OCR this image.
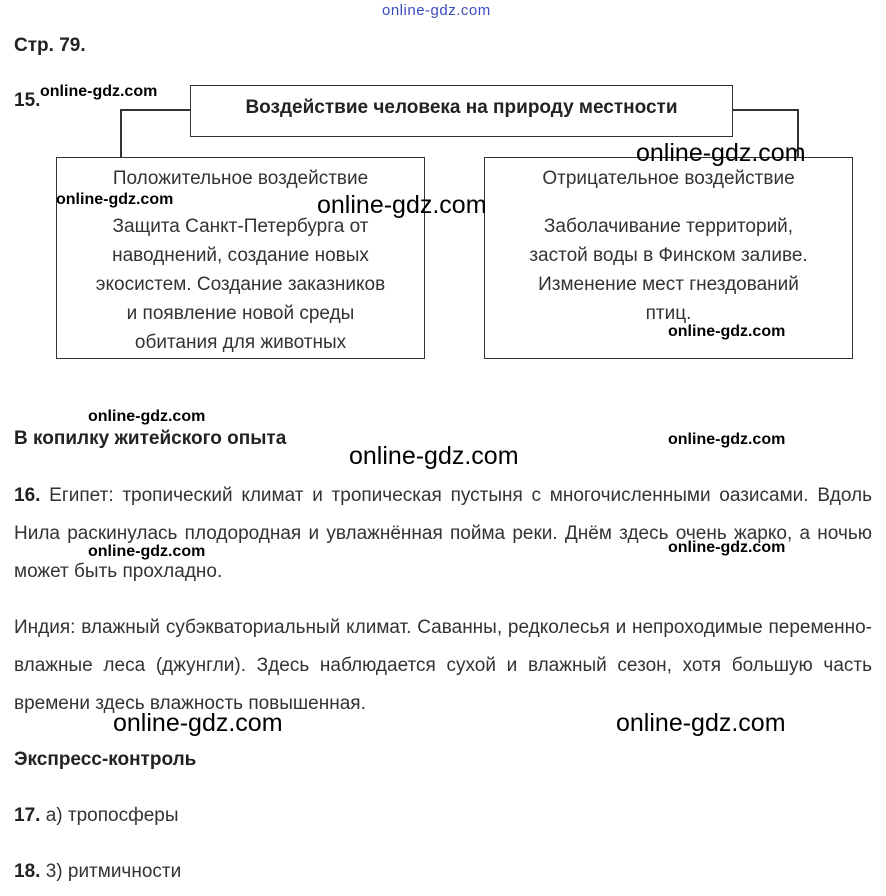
online-gdz.com
Стр. 79.
15.	Воздействие человека на природу местности
Положительное воздействие
Защита Санкт-Петербурга от
наводнений, создание новых
экосистем. Создание заказников
и появление новой среды
обитания для животных
Отрицательное воздействие
Заболачивание территорий,
застой воды в Финском заливе.
Изменение мест гнездований
птиц.
В копилку житейского опыта
16. Египет: тропический климат и тропическая пустыня с многочисленными оазисами. Вдоль Нила раскинулась плодородная и увлажнённая пойма реки. Днём здесь очень жарко, а ночью может быть прохладно.
Индия: влажный субэкваториальный климат. Саванны, редколесья и непроходимые переменно-влажные леса (джунгли). Здесь наблюдается сухой и влажный сезон, хотя большую часть времени здесь влажность повышенная.
Экспресс-контроль
17. а) тропосферы
18. 3) ритмичности
online-gdz.com
online-gdz.com
online-gdz.com	online-gdz.com
online-gdz.com
online-gdz.com
online-gdz.com
online-gdz.com
online-gdz.com	online-gdz.com
online-gdz.com	online-gdz.com
